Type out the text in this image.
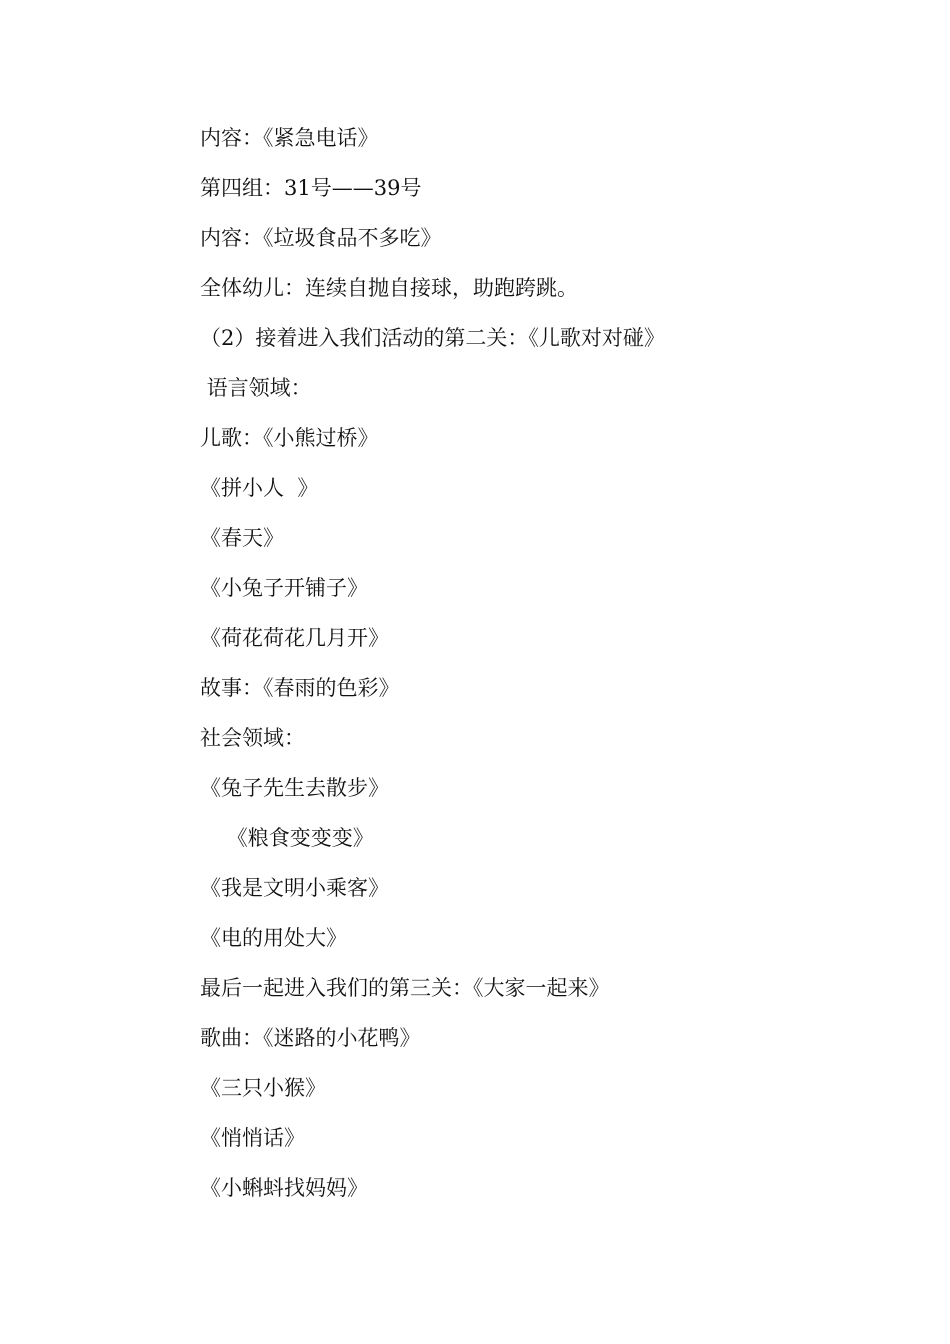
内容：《紧急电话》
第四组：31号——39号
内容：《垃圾食品不多吃》
全体幼儿：连续自抛自接球，助跑跨跳。
（2）接着进入我们活动的第二关：《儿歌对对碰》
语言领域：
儿歌：《小熊过桥》
《拼小人  》
《春天》
《小兔子开铺子》
《荷花荷花几月开》
故事：《春雨的色彩》
社会领域：
《兔子先生去散步》
《粮食变变变》
《我是文明小乘客》
《电的用处大》
最后一起进入我们的第三关：《大家一起来》
歌曲：《迷路的小花鸭》
《三只小猴》
《悄悄话》
《小蝌蚪找妈妈》
